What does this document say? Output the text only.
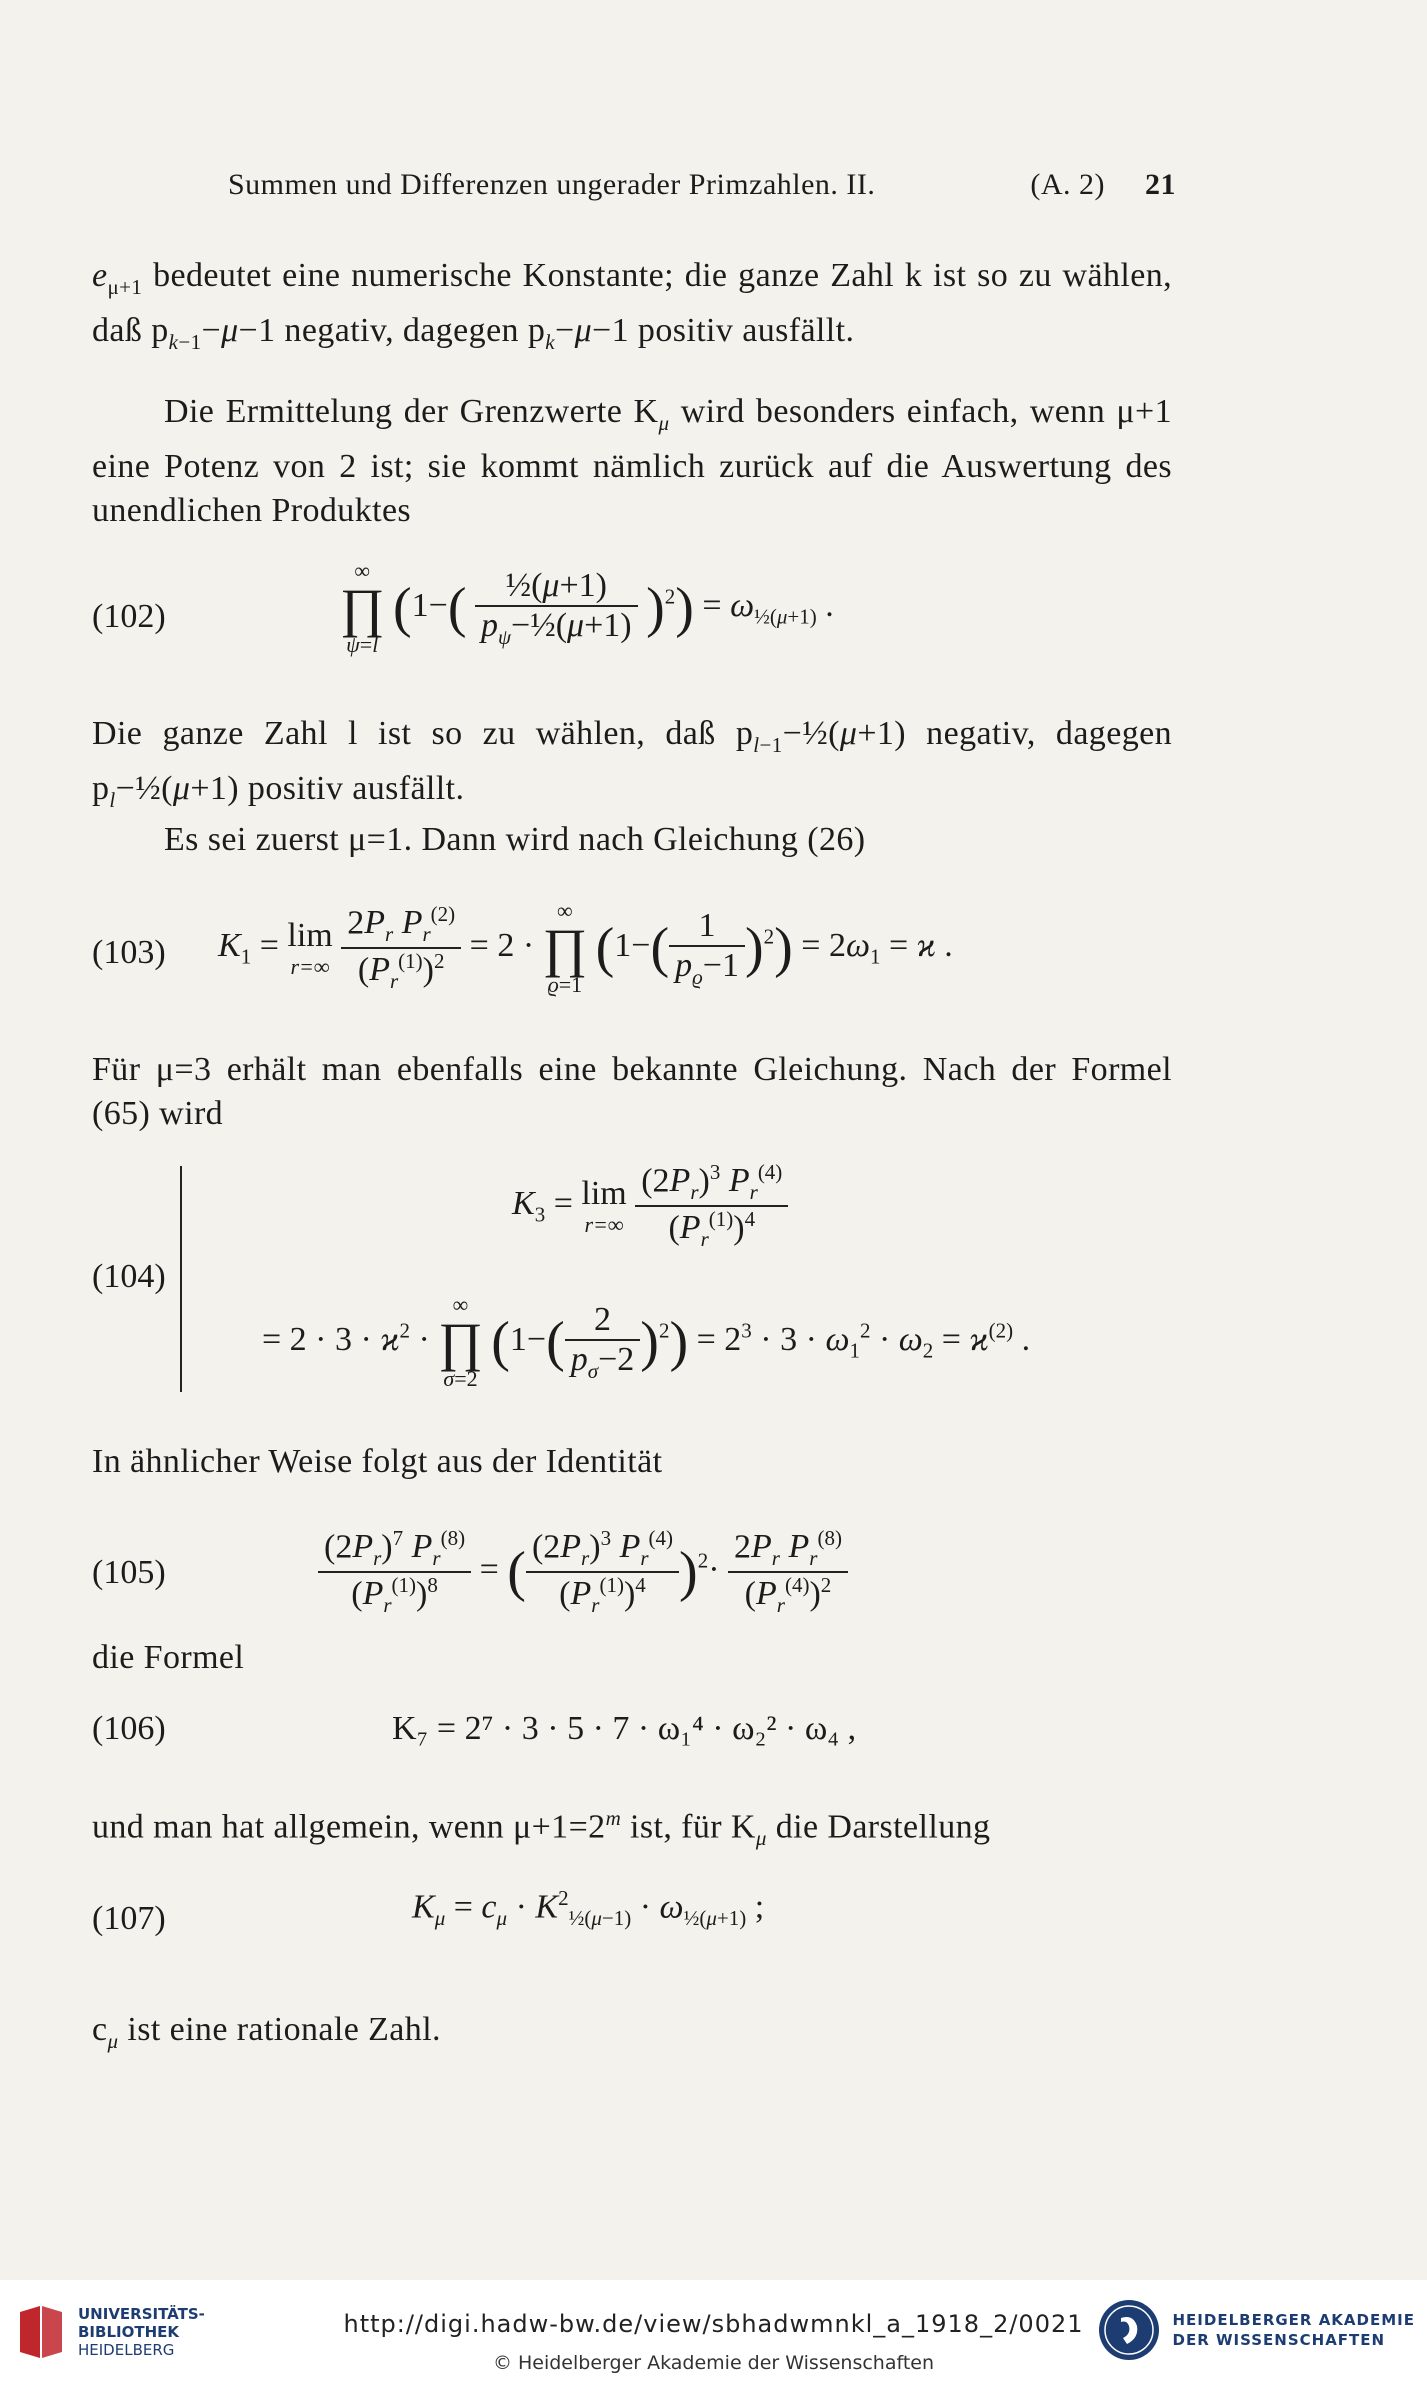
Summen und Differenzen ungerader Primzahlen. II.	(A. 2) 21
$e_{\mu+1}$ bedeutet eine numerische Konstante; die ganze Zahl k ist so zu wählen, daß $p_{k-1}-\mu-1$ negativ, dagegen $p_k-\mu-1$ positiv ausfällt.
Die Ermittelung der Grenzwerte $K_\mu$ wird besonders einfach, wenn μ+1 eine Potenz von 2 ist; sie kommt nämlich zurück auf die Auswertung des unendlichen Produktes
(102)
∞
∏
ψ=l
$(1-( \frac{\text{½(μ+1)}}{p_\psi-\frac{1}{2}(\mu+1)} )^2) = \omega_{\frac{1}{2}(\mu+1)}$ .
Die ganze Zahl l ist so zu wählen, daß $p_{l-1}-\frac{1}{2}(\mu+1)$ negativ, dagegen $p_l-\frac{1}{2}(\mu+1)$ positiv ausfällt.
Es sei zuerst μ=1. Dann wird nach Gleichung (26)
(103) $K_1 = \lim$
r=∞
$\frac{2P_r P_r^{(2)}}{(P_r^{(1)})^2} = 2$ ·
∞
∏
ϱ=1
$(1-( \frac{1}{p_ϱ-1} )^2) = 2\omega_1 = ϰ$ .
Für μ=3 erhält man ebenfalls eine bekannte Gleichung. Nach der Formel (65) wird
(104)
$K_3 = \lim$
r=∞
$\frac{(2P_r)^3 P_r^{(4)}}{(P_r^{(1)})^4}$
= $2 \cdot 3 \cdot ϰ^2$ ·
∞
∏
σ=2
$(1-( \frac{2}{p_\sigma-2} )^2) = 2^3 \cdot 3 \cdot \omega_1^2 \cdot \omega_2 = ϰ^{(2)}$ .
In ähnlicher Weise folgt aus der Identität
(105)	$\frac{(2P_r)^7 P_r^{(8)}}{(P_r^{(1)})^8}$ = ( $\frac{(2P_r)^3 P_r^{(4)}}{(P_r^{(1)})^4} )^2\cdot \frac{2P_r P_r^{(8)}}{(P_r^{(4)})^2}$
die Formel
(106)	K₇ = 2⁷ · 3 · 5 · 7 · ω₁⁴ · ω₂² · ω₄ ,
und man hat allgemein, wenn $\mu+1=2^m$ ist, für $K_\mu$ die Darstellung
(107)	$K_\mu = c_\mu \cdot K^2_{\frac{1}{2}(\mu-1)} \cdot \omega_{\frac{1}{2}(\mu+1)}$ ;
$c_\mu$ ist eine rationale Zahl.
UNIVERSITÄTS-
BIBLIOTHEK
HEIDELBERG
http://digi.hadw-bw.de/view/sbhadwmnkl_a_1918_2/0021
© Heidelberger Akademie der Wissenschaften
HEIDELBERGER AKADEMIE
DER WISSENSCHAFTEN
